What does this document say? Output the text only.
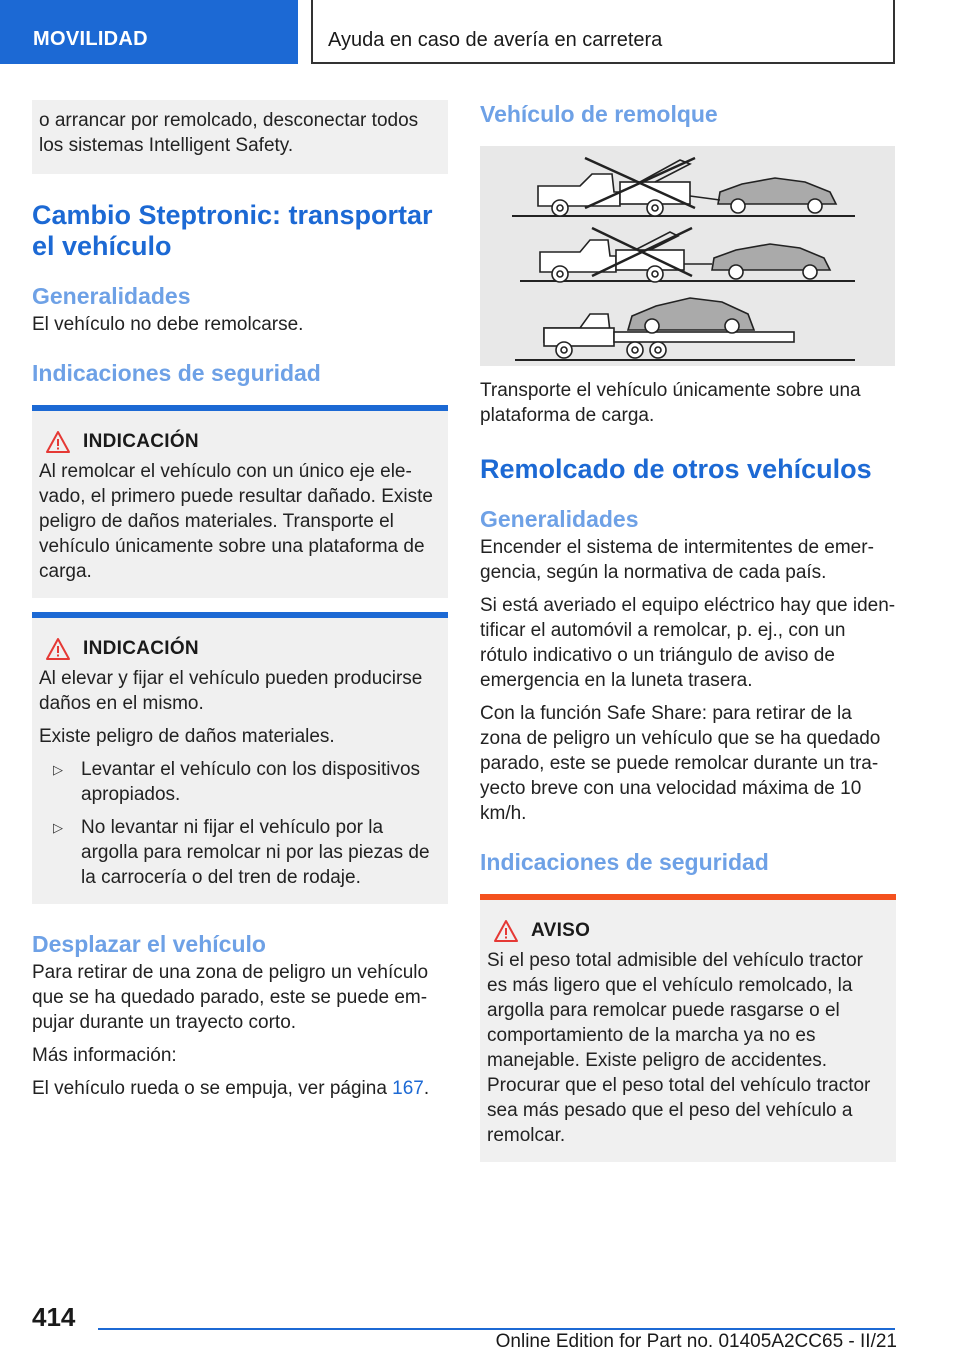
MOVILIDAD	Ayuda en caso de avería en carretera

o arrancar por remolcado, desconectar todos los sistemas Intelligent Safety.

Cambio Steptronic: transportar el vehículo
Generalidades

El vehículo no debe remolcarse.

Indicaciones de seguridad
INDICACIÓN

Al remolcar el vehículo con un único eje elevado, el primero puede resultar dañado. Existe peligro de daños materiales. Transporte el vehículo únicamente sobre una plataforma de carga.

INDICACIÓN

Al elevar y fijar el vehículo pueden producirse daños en el mismo.

Existe peligro de daños materiales.

▷ Levantar el vehículo con los dispositivos apropiados.
▷ No levantar ni fijar el vehículo por la argolla para remolcar ni por las piezas de la carrocería o del tren de rodaje.
Desplazar el vehículo

Para retirar de una zona de peligro un vehículo que se ha quedado parado, este se puede empujar durante un trayecto corto.

Más información:

El vehículo rueda o se empuja, ver página 167.

Vehículo de remolque

Transporte el vehículo únicamente sobre una plataforma de carga.

Remolcado de otros vehículos
Generalidades

Encender el sistema de intermitentes de emergencia, según la normativa de cada país.

Si está averiado el equipo eléctrico hay que identificar el automóvil a remolcar, p. ej., con un rótulo indicativo o un triángulo de aviso de emergencia en la luneta trasera.

Con la función Safe Share: para retirar de la zona de peligro un vehículo que se ha quedado parado, este se puede remolcar durante un trayecto breve con una velocidad máxima de 10 km/h.

Indicaciones de seguridad
AVISO

Si el peso total admisible del vehículo tractor es más ligero que el vehículo remolcado, la argolla para remolcar puede rasgarse o el comportamiento de la marcha ya no es manejable. Existe peligro de accidentes. Procurar que el peso total del vehículo tractor sea más pesado que el peso del vehículo a remolcar.

414
Online Edition for Part no. 01405A2CC65 - II/21
